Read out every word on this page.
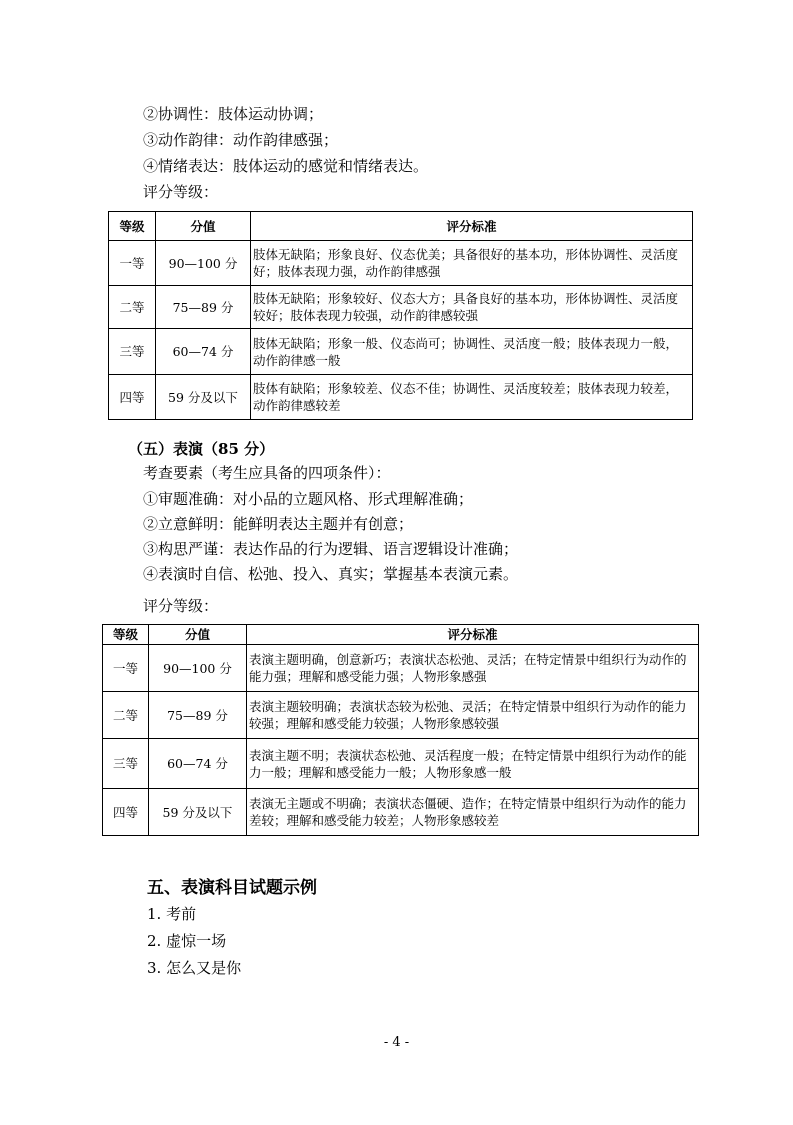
②协调性：肢体运动协调；
③动作韵律：动作韵律感强；
④情绪表达：肢体运动的感觉和情绪表达。
评分等级：
等级	分值	评分标准
一等	90—100 分	肢体无缺陷；形象良好、仪态优美；具备很好的基本功，形体协调性、灵活度好；肢体表现力强，动作韵律感强
二等	75—89 分	肢体无缺陷；形象较好、仪态大方；具备良好的基本功，形体协调性、灵活度较好；肢体表现力较强，动作韵律感较强
三等	60—74 分	肢体无缺陷；形象一般、仪态尚可；协调性、灵活度一般；肢体表现力一般，动作韵律感一般
四等	59 分及以下	肢体有缺陷；形象较差、仪态不佳；协调性、灵活度较差；肢体表现力较差，动作韵律感较差
（五）表演（85 分）
考查要素（考生应具备的四项条件）：
①审题准确：对小品的立题风格、形式理解准确；
②立意鲜明：能鲜明表达主题并有创意；
③构思严谨：表达作品的行为逻辑、语言逻辑设计准确；
④表演时自信、松弛、投入、真实；掌握基本表演元素。
评分等级：
等级	分值	评分标准
一等	90—100 分	表演主题明确，创意新巧；表演状态松弛、灵活；在特定情景中组织行为动作的能力强；理解和感受能力强；人物形象感强
二等	75—89 分	表演主题较明确；表演状态较为松弛、灵活；在特定情景中组织行为动作的能力较强；理解和感受能力较强；人物形象感较强
三等	60—74 分	表演主题不明；表演状态松弛、灵活程度一般；在特定情景中组织行为动作的能力一般；理解和感受能力一般；人物形象感一般
四等	59 分及以下	表演无主题或不明确；表演状态僵硬、造作；在特定情景中组织行为动作的能力差较；理解和感受能力较差；人物形象感较差
五、表演科目试题示例
1. 考前
2. 虚惊一场
3. 怎么又是你
- 4 -
